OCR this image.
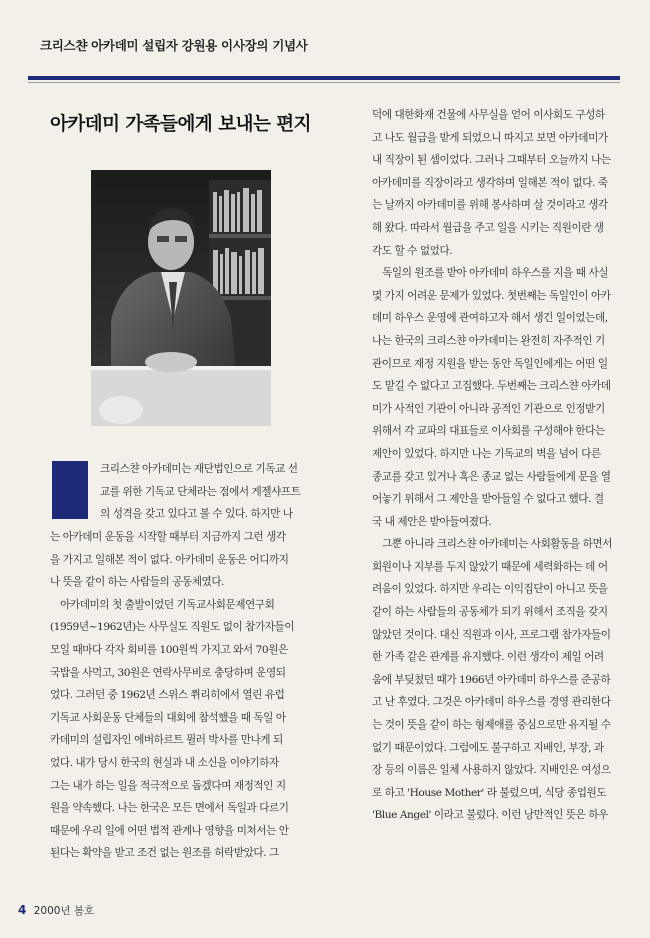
크리스챤 아카데미 설립자 강원용 이사장의 기념사
아카데미 가족들에게 보내는 편지

크리스챤 아카데미는 재단법인으로 기독교 선

교를 위한 기독교 단체라는 점에서 게젤샤프트

의 성격을 갖고 있다고 볼 수 있다. 하지만 나

는 아카데미 운동을 시작할 때부터 지금까지 그런 생각

을 가지고 일해본 적이 없다. 아카데미 운동은 어디까지

나 뜻을 같이 하는 사람들의 공동체였다.

　아카데미의 첫 출발이었던 기독교사회문제연구회

(1959년~1962년)는 사무실도 직원도 없이 참가자들이

모일 때마다 각자 회비를 100원씩 가지고 와서 70원은

국밥을 사먹고, 30원은 연락사무비로 충당하며 운영되

었다. 그러던 중 1962년 스위스 쮜리히에서 열린 유럽

기독교 사회운동 단체들의 대회에 참석했을 때 독일 아

카데미의 설립자인 에버하르트 뮐러 박사를 만나게 되

었다. 내가 당시 한국의 현실과 내 소신을 이야기하자

그는 내가 하는 일을 적극적으로 돕겠다며 재정적인 지

원을 약속했다. 나는 한국은 모든 면에서 독일과 다르기

때문에 우리 일에 어떤 법적 관계나 영향을 미쳐서는 안

된다는 확약을 받고 조건 없는 원조를 허락받았다. 그

덕에 대한화재 건물에 사무실을 얻어 이사회도 구성하

고 나도 월급을 받게 되었으니 따지고 보면 아카데미가

내 직장이 된 셈이었다. 그러나 그때부터 오늘까지 나는

아카데미를 직장이라고 생각하며 일해본 적이 없다. 죽

는 날까지 아카데미를 위해 봉사하며 살 것이라고 생각

해 왔다. 따라서 월급을 주고 일을 시키는 직원이란 생

각도 할 수 없었다.

　독일의 원조를 받아 아카데미 하우스를 지을 때 사실

몇 가지 어려운 문제가 있었다. 첫번째는 독일인이 아카

데미 하우스 운영에 관여하고자 해서 생긴 일이었는데,

나는 한국의 크리스챤 아카데미는 완전히 자주적인 기

관이므로 재정 지원을 받는 동안 독일인에게는 어떤 일

도 맡길 수 없다고 고집했다. 두번째는 크리스챤 아카데

미가 사적인 기관이 아니라 공적인 기관으로 인정받기

위해서 각 교파의 대표들로 이사회를 구성해야 한다는

제안이 있었다. 하지만 나는 기독교의 벽을 넘어 다른

종교를 갖고 있거나 혹은 종교 없는 사람들에게 문을 열

어놓기 위해서 그 제안을 받아들일 수 없다고 했다. 결

국 내 제안은 받아들여졌다.

　그뿐 아니라 크리스챤 아카데미는 사회활동을 하면서

회원이나 지부를 두지 않았기 때문에 세력화하는 데 어

려움이 있었다. 하지만 우리는 이익집단이 아니고 뜻을

같이 하는 사람들의 공동체가 되기 위해서 조직을 갖지

않았던 것이다. 대신 직원과 이사, 프로그램 참가자들이

한 가족 같은 관계를 유지했다. 이런 생각이 제일 어려

움에 부딪쳤던 때가 1966년 아카데미 하우스를 준공하

고 난 후였다. 그것은 아카데미 하우스를 경영 관리한다

는 것이 뜻을 같이 하는 형제애를 중심으로만 유지될 수

없기 때문이었다. 그럼에도 불구하고 지배인, 부장, 과

장 등의 이름은 일체 사용하지 않았다. 지배인은 여성으

로 하고 'House Mother' 라 불렀으며, 식당 종업원도

'Blue Angel' 이라고 불렀다. 이런 낭만적인 뜻은 하우

4 2000년 봄호
